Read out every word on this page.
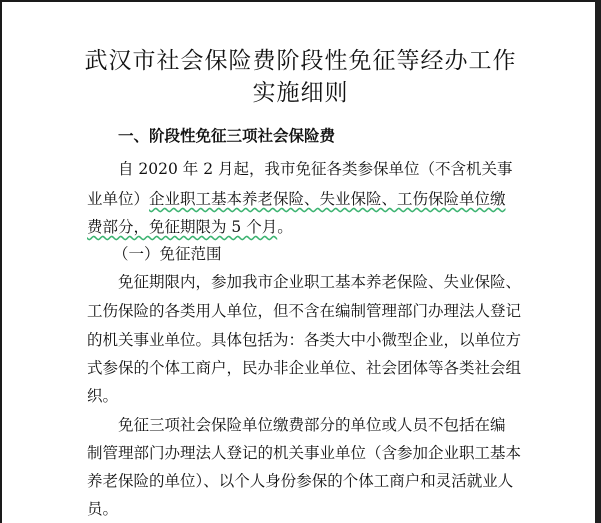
武汉市社会保险费阶段性免征等经办工作
实施细则
一、阶段性免征三项社会保险费
自 2020 年 2 月起，我市免征各类参保单位（不含机关事
业单位）企业职工基本养老保险、失业保险、工伤保险单位缴
费部分，免征期限为 5 个月。
（一）免征范围
免征期限内，参加我市企业职工基本养老保险、失业保险、
工伤保险的各类用人单位，但不含在编制管理部门办理法人登记
的机关事业单位。具体包括为：各类大中小微型企业，以单位方
式参保的个体工商户，民办非企业单位、社会团体等各类社会组
织。
免征三项社会保险单位缴费部分的单位或人员不包括在编
制管理部门办理法人登记的机关事业单位（含参加企业职工基本
养老保险的单位）、以个人身份参保的个体工商户和灵活就业人
员。
